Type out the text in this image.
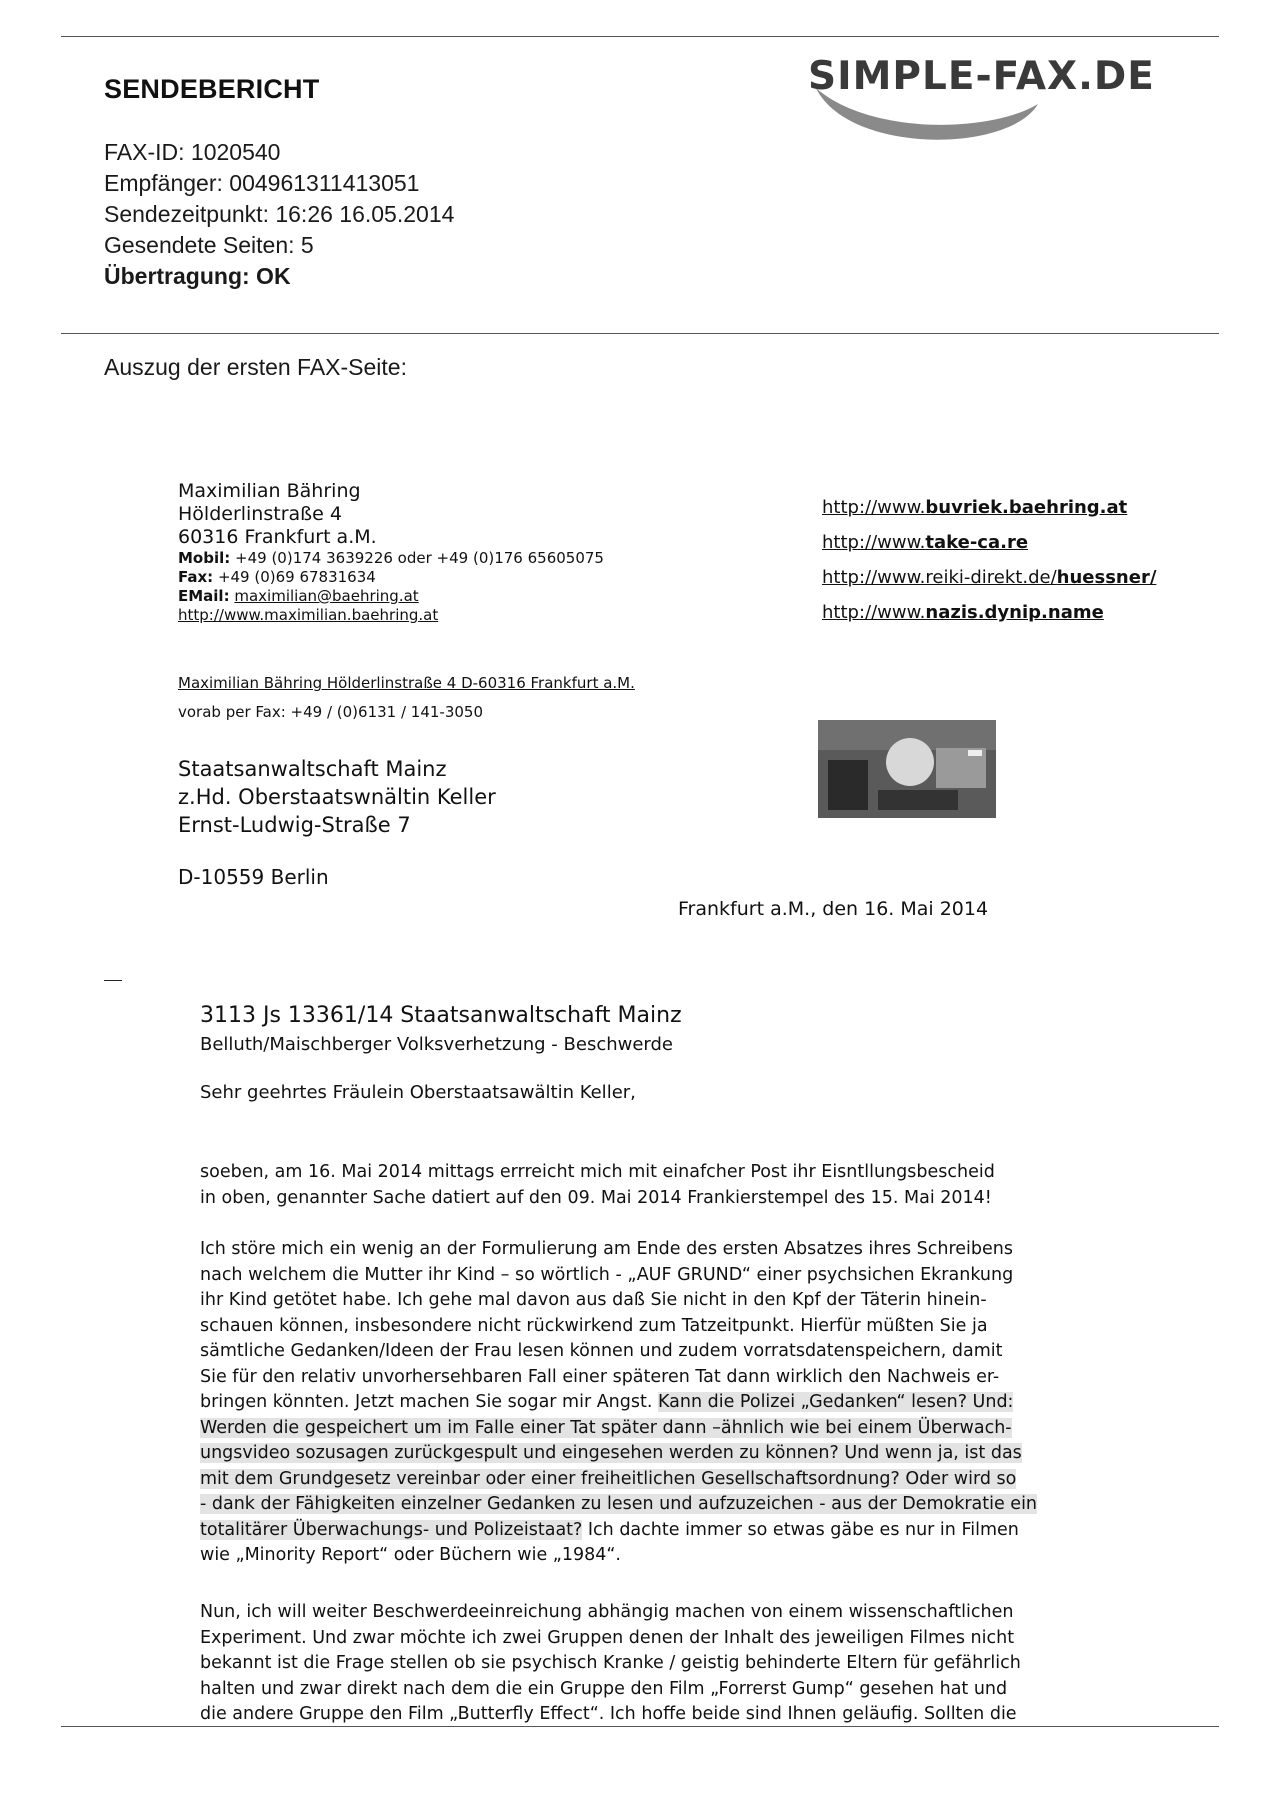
SENDEBERICHT	SIMPLE-FAX.DE
FAX-ID: 1020540
Empfänger: 004961311413051
Sendezeitpunkt: 16:26 16.05.2014
Gesendete Seiten: 5
Übertragung: OK
Auszug der ersten FAX-Seite:
Maximilian Bähring
Hölderlinstraße 4
60316 Frankfurt a.M.
Mobil: +49 (0)174 3639226 oder +49 (0)176 65605075
Fax: +49 (0)69 67831634
EMail: maximilian@baehring.at
http://www.maximilian.baehring.at
http://www.buvriek.baehring.at
http://www.take-ca.re
http://www.reiki-direkt.de/huessner/
http://www.nazis.dynip.name
Maximilian Bähring Hölderlinstraße 4 D-60316 Frankfurt a.M.
vorab per Fax: +49 / (0)6131 / 141-3050
Staatsanwaltschaft Mainz
z.Hd. Oberstaatswnältin Keller
Ernst-Ludwig-Straße 7
D-10559 Berlin
Frankfurt a.M., den 16. Mai 2014
3113 Js 13361/14 Staatsanwaltschaft Mainz
Belluth/Maischberger Volksverhetzung - Beschwerde
Sehr geehrtes Fräulein Oberstaatsawältin Keller,
soeben, am 16. Mai 2014 mittags errreicht mich mit einafcher Post ihr Eisntllungsbescheid
in oben, genannter Sache datiert auf den 09. Mai 2014 Frankierstempel des 15. Mai 2014!
Ich störe mich ein wenig an der Formulierung am Ende des ersten Absatzes ihres Schreibens
nach welchem die Mutter ihr Kind – so wörtlich - „AUF GRUND“ einer psychsichen Ekrankung
ihr Kind getötet habe. Ich gehe mal davon aus daß Sie nicht in den Kpf der Täterin hinein-
schauen können, insbesondere nicht rückwirkend zum Tatzeitpunkt. Hierfür müßten Sie ja
sämtliche Gedanken/Ideen der Frau lesen können und zudem vorratsdatenspeichern, damit
Sie für den relativ unvorhersehbaren Fall einer späteren Tat dann wirklich den Nachweis er-
bringen könnten. Jetzt machen Sie sogar mir Angst. Kann die Polizei „Gedanken“ lesen? Und:
Werden die gespeichert um im Falle einer Tat später dann –ähnlich wie bei einem Überwach-
ungsvideo sozusagen zurückgespult und eingesehen werden zu können? Und wenn ja, ist das
mit dem Grundgesetz vereinbar oder einer freiheitlichen Gesellschaftsordnung? Oder wird so
- dank der Fähigkeiten einzelner Gedanken zu lesen und aufzuzeichen - aus der Demokratie ein
totalitärer Überwachungs- und Polizeistaat? Ich dachte immer so etwas gäbe es nur in Filmen
wie „Minority Report“ oder Büchern wie „1984“.
Nun, ich will weiter Beschwerdeeinreichung abhängig machen von einem wissenschaftlichen
Experiment. Und zwar möchte ich zwei Gruppen denen der Inhalt des jeweiligen Filmes nicht
bekannt ist die Frage stellen ob sie psychisch Kranke / geistig behinderte Eltern für gefährlich
halten und zwar direkt nach dem die ein Gruppe den Film „Forrerst Gump“ gesehen hat und
die andere Gruppe den Film „Butterfly Effect“. Ich hoffe beide sind Ihnen geläufig. Sollten die
